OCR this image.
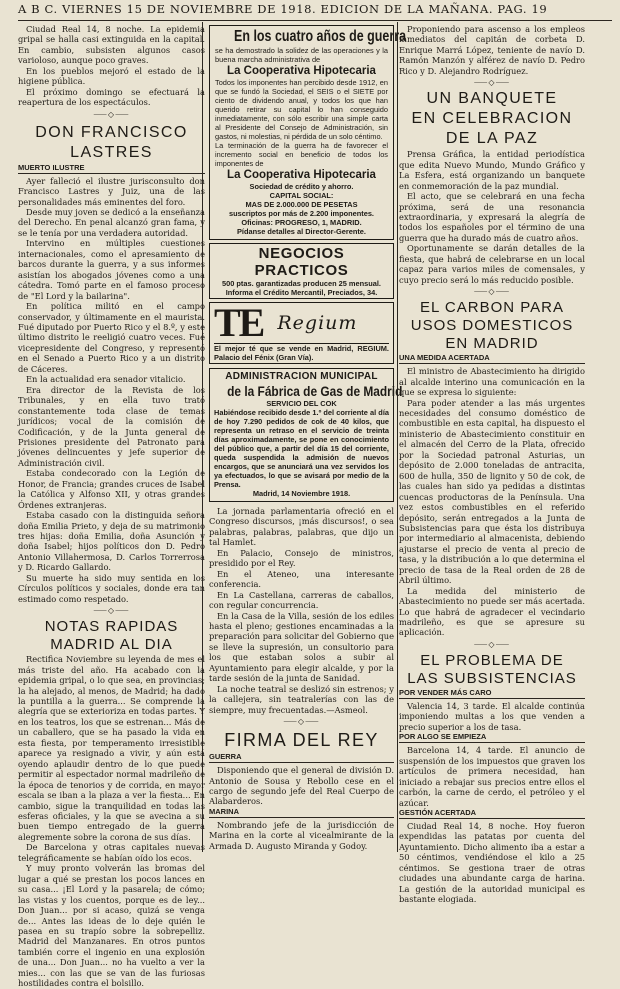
A B C. VIERNES 15 DE NOVIEMBRE DE 1918. EDICION DE LA MAÑANA. PAG. 19

Ciudad Real 14, 8 noche. La epidemia gripal se halla casi extinguida en la capital. En cambio, subsisten algunos casos varioloso, aunque poco graves.

En los pueblos mejoró el estado de la higiene pública.

El próximo domingo se efectuará la reapertura de los espectáculos.

⸺◇⸺
DON FRANCISCO
LASTRES
MUERTO ILUSTRE

Ayer falleció el ilustre jurisconsulto don Francisco Lastres y Juiz, una de las personalidades más eminentes del foro.

Desde muy joven se dedicó a la enseñanza del Derecho. En penal alcanzó gran fama, y se le tenía por una verdadera autoridad.

Intervino en múltiples cuestiones internacionales, como el apresamiento de barcos durante la guerra, y a sus informes asistían los abogados jóvenes como a una cátedra. Tomó parte en el famoso proceso de "El Lord y la bailarina".

En política militó en el campo conservador, y últimamente en el maurista. Fué diputado por Puerto Rico y el 8.º, y este último distrito le reeligió cuatro veces. Fué vicepresidente del Congreso, y representó en el Senado a Puerto Rico y a un distrito de Cáceres.

En la actualidad era senador vitalicio.

Era director de la Revista de los Tribunales, y en ella tuvo trató constantemente toda clase de temas jurídicos; vocal de la comisión de Codificación, y de la Junta general de Prisiones presidente del Patronato para jóvenes delincuentes y jefe superior de Administración civil.

Estaba condecorado con la Legión de Honor, de Francia; grandes cruces de Isabel la Católica y Alfonso XII, y otras grandes Órdenes extranjeras.

Estaba casado con la distinguida señora doña Emilia Prieto, y deja de su matrimonio tres hijas: doña Emilia, doña Asunción y doña Isabel; hijos políticos don D. Pedro Antonio Villahermosa, D. Carlos Torrerrosa y D. Ricardo Gallardo.

Su muerte ha sido muy sentida en los Círculos políticos y sociales, donde era tan estimado como respetado.

⸺◇⸺
NOTAS RAPIDAS
MADRID AL DIA

Rectifica Noviembre su leyenda de mes el más triste del año. Ha acabado con la epidemia gripal, o lo que sea, en provincias; la ha alejado, al menos, de Madrid; ha dado la puntilla a la guerra... Se comprende la alegría que se exterioriza en todas partes. Y en los teatros, los que se estrenan... Más de un caballero, que se ha pasado la vida en esta fiesta, por temperamento irresistible aparece ya resignado a vivir, y aún está oyendo aplaudir dentro de lo que puede permitir al espectador normal madrileño de la época de tenorios y de corrida, en mayor escala se iban a la plaza a ver la fiesta... En cambio, sigue la tranquilidad en todas las esferas oficiales, y la que se avecina a su buen tiempo entregado de la guerra alegremente sobre la corona de sus días.

De Barcelona y otras capitales nuevas telegráficamente se habían oído los ecos.

Y muy pronto volverán las bromas del lugar a qué se prestan los pocos lances en su casa... ¡El Lord y la pasarela; de cómo; las vistas y los cuentos, porque es de ley... Don Juan... por si acaso, quizá se venga de... Antes las ideas de lo deje quién le pasea en su trapío sobre la sobrepelliz. Madrid del Manzanares. En otros puntos también corre el ingenio en una explosión de una... Don Juan... no ha vuelto a ver la mies... con las que se van de las furiosas hostilidades contra el bolsillo.

En los cuatro años de guerra
se ha demostrado la solidez de las operaciones y la buena marcha administrativa de
La Cooperativa Hipotecaria
Todos los imponentes han percibido desde 1912, en que se fundó la Sociedad, el SEIS o el SIETE por ciento de dividendo anual, y todos los que han querido retirar su capital lo han conseguido inmediatamente, con sólo escribir una simple carta al Presidente del Consejo de Administración, sin gastos, ni molestias, ni pérdida de un solo céntimo.
La terminación de la guerra ha de favorecer el incremento social en beneficio de todos los imponentes de
La Cooperativa Hipotecaria
Sociedad de crédito y ahorro.
CAPITAL SOCIAL:
MAS DE 2.000.000 DE PESETAS
suscriptos por más de 2.200 imponentes.
Oficinas: PROGRESO, 1, MADRID.
Pídanse detalles al Director-Gerente.
NEGOCIOS PRACTICOS
500 ptas. garantizadas producen 25 mensual. Informa el Crédito Mercantil, Preciados, 34.
TE Regium
El mejor té que se vende en Madrid, REGIUM. Palacio del Fénix (Gran Vía).
ADMINISTRACION MUNICIPAL
de la Fábrica de Gas de Madrid
SERVICIO DEL COK
Habiéndose recibido desde 1.º del corriente al día de hoy 7.290 pedidos de cok de 40 kilos, que representa un retraso en el servicio de treinta días aproximadamente, se pone en conocimiento del público que, a partir del día 15 del corriente, queda suspendida la admisión de nuevos encargos, que se anunciará una vez servidos los ya efectuados, lo que se avisará por medio de la Prensa.
Madrid, 14 Noviembre 1918.

La jornada parlamentaria ofreció en el Congreso discursos, ¡más discursos!, o sea palabras, palabras, palabras, que dijo un tal Hamlet.

En Palacio, Consejo de ministros, presidido por el Rey.

En el Ateneo, una interesante conferencia.

En La Castellana, carreras de caballos, con regular concurrencia.

En la Casa de la Villa, sesión de los ediles hasta el pleno; gestiones encaminadas a la preparación para solicitar del Gobierno que se lleve la supresión, un consultorio para los que estaban solos a subir al Ayuntamiento para elegir alcalde, y por la tarde sesión de la junta de Sanidad.

La noche teatral se deslizó sin estrenos; y la callejera, sin teatralerías con las de siempre, muy frecuentadas.—Asmeol.

⸺◇⸺
FIRMA DEL REY
GUERRA

Disponiendo que el general de división D. Antonio de Sousa y Rebollo cese en el cargo de segundo jefe del Real Cuerpo de Alabarderos.

MARINA

Nombrando jefe de la jurisdicción de Marina en la corte al vicealmirante de la Armada D. Augusto Miranda y Godoy.

Proponiendo para ascenso a los empleos inmediatos del capitán de corbeta D. Enrique Marrá López, teniente de navío D. Ramón Manzón y alférez de navío D. Pedro Rico y D. Alejandro Rodríguez.

⸺◇⸺
UN BANQUETE
EN CELEBRACION
DE LA PAZ

Prensa Gráfica, la entidad periodística que edita Nuevo Mundo, Mundo Gráfico y La Esfera, está organizando un banquete en conmemoración de la paz mundial.

El acto, que se celebrará en una fecha próxima, será de una resonancia extraordinaria, y expresará la alegría de todos los españoles por el término de una guerra que ha durado más de cuatro años.

Oportunamente se darán detalles de la fiesta, que habrá de celebrarse en un local capaz para varios miles de comensales, y cuyo precio será lo más reducido posible.

⸺◇⸺
EL CARBON PARA
USOS DOMESTICOS
EN MADRID
UNA MEDIDA ACERTADA

El ministro de Abastecimiento ha dirigido al alcalde interino una comunicación en la que se expresa lo siguiente:

Para poder atender a las más urgentes necesidades del consumo doméstico de combustible en esta capital, ha dispuesto el ministerio de Abastecimiento constituir en el almacén del Cerro de la Plata, ofrecido por la Sociedad patronal Asturias, un depósito de 2.000 toneladas de antracita, 600 de hulla, 350 de lignito y 50 de cok, de las cuales han sido ya pedidas a distintas cuencas productoras de la Península. Una vez estos combustibles en el referido depósito, serán entregados a la Junta de Subsistencias para que ésta los distribuya por intermediario al almacenista, debiendo ajustarse el precio de venta al precio de tasa, y la distribución a lo que determina el precio de tasa de la Real orden de 28 de Abril último.

La medida del ministerio de Abastecimiento no puede ser más acertada. Lo que habrá de agradecer el vecindario madrileño, es que se apresure su aplicación.

⸺◇⸺
EL PROBLEMA DE
LAS SUBSISTENCIAS
POR VENDER MÁS CARO

Valencia 14, 3 tarde. El alcalde continúa imponiendo multas a los que venden a precio superior a los de tasa.

POR ALGO SE EMPIEZA

Barcelona 14, 4 tarde. El anuncio de suspensión de los impuestos que graven los artículos de primera necesidad, han iniciado a rebajar sus precios entre ellos el carbón, la carne de cerdo, el petróleo y el azúcar.

GESTIÓN ACERTADA

Ciudad Real 14, 8 noche. Hoy fueron expendidas las patatas por cuenta del Ayuntamiento. Dicho alimento iba a estar a 50 céntimos, vendiéndose el kilo a 25 céntimos. Se gestiona traer de otras ciudades una abundante carga de harina. La gestión de la autoridad municipal es bastante elogiada.
